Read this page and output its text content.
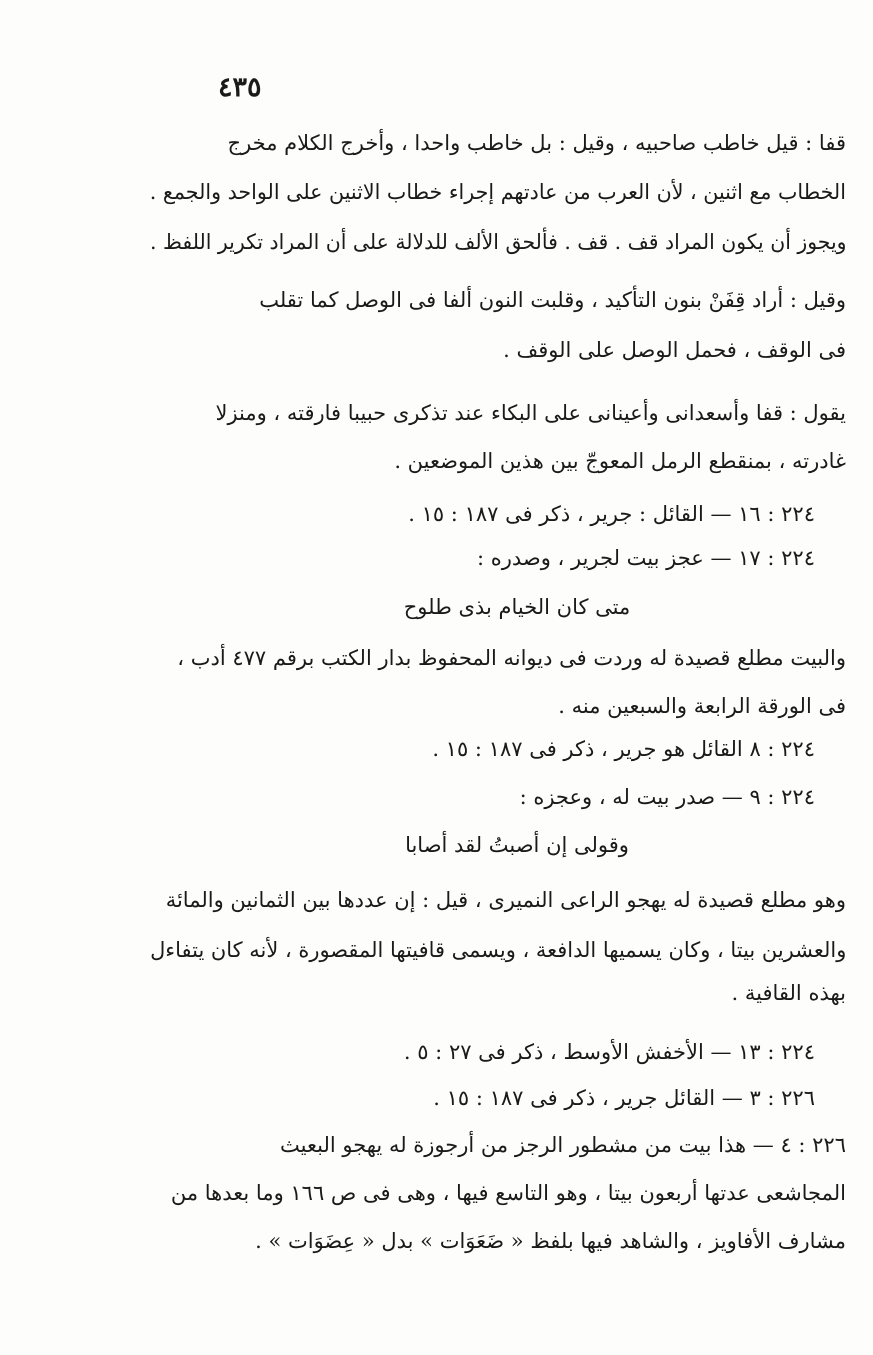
٤٣٥
قفا : قيل خاطب صاحبيه ، وقيل : بل خاطب واحدا ، وأخرج الكلام مخرج
الخطاب مع اثنين ، لأن العرب من عادتهم إجراء خطاب الاثنين على الواحد والجمع .
ويجوز أن يكون المراد قف . قف . فألحق الألف للدلالة على أن المراد تكرير اللفظ .
وقيل : أراد قِفَنْ بنون التأكيد ، وقلبت النون ألفا فى الوصل كما تقلب
فى الوقف ، فحمل الوصل على الوقف .
يقول : قفا وأسعدانى وأعينانى على البكاء عند تذكرى حبيبا فارقته ، ومنزلا
غادرته ، بمنقطع الرمل المعوجّ بين هذين الموضعين .
٢٢٤ : ١٦ — القائل : جرير ، ذكر فى ١٨٧ : ١٥ .
٢٢٤ : ١٧ — عجز بيت لجرير ، وصدره :
والبيت مطلع قصيدة له وردت فى ديوانه المحفوظ بدار الكتب برقم ٤٧٧ أدب ،
فى الورقة الرابعة والسبعين منه .
٢٢٤ : ٨ القائل هو جرير ، ذكر فى ١٨٧ : ١٥ .
٢٢٤ : ٩ — صدر بيت له ، وعجزه :
وهو مطلع قصيدة له يهجو الراعى النميرى ، قيل : إن عددها بين الثمانين والمائة
والعشرين بيتا ، وكان يسميها الدافعة ، ويسمى قافيتها المقصورة ، لأنه كان يتفاءل
بهذه القافية .
٢٢٤ : ١٣ — الأخفش الأوسط ، ذكر فى ٢٧ : ٥ .
٢٢٦ : ٣ — القائل جرير ، ذكر فى ١٨٧ : ١٥ .
٢٢٦ : ٤ — هذا بيت من مشطور الرجز من أرجوزة له يهجو البعيث
المجاشعى عدتها أربعون بيتا ، وهو التاسع فيها ، وهى فى ص ١٦٦ وما بعدها من
مشارف الأفاويز ، والشاهد فيها بلفظ « ضَعَوَات » بدل « عِضَوَات » .
متى كان الخيام بذى طلوح
وقولى إن أصبتُ لقد أصابا
